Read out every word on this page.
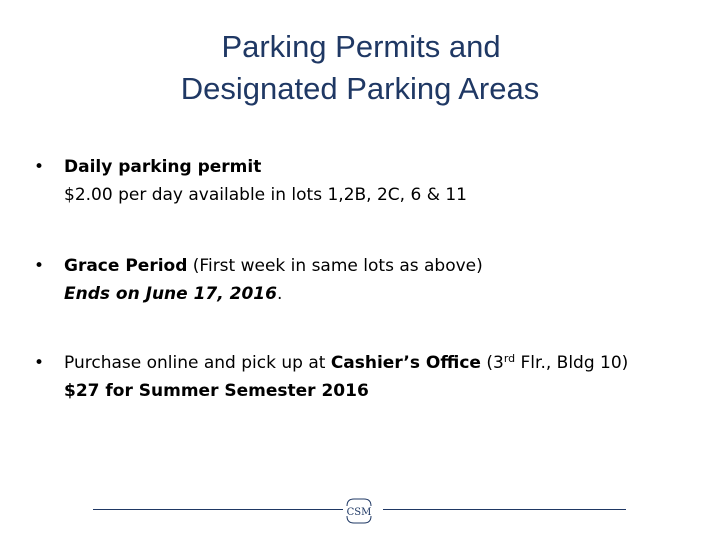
Parking Permits and
Designated Parking Areas
• Daily parking permit
$2.00 per day available in lots 1,2B, 2C, 6 & 11
• Grace Period (First week in same lots as above)
Ends on June 17, 2016.
• Purchase online and pick up at Cashier’s Office (3rd Flr., Bldg 10)
$27 for Summer Semester 2016
CSM
